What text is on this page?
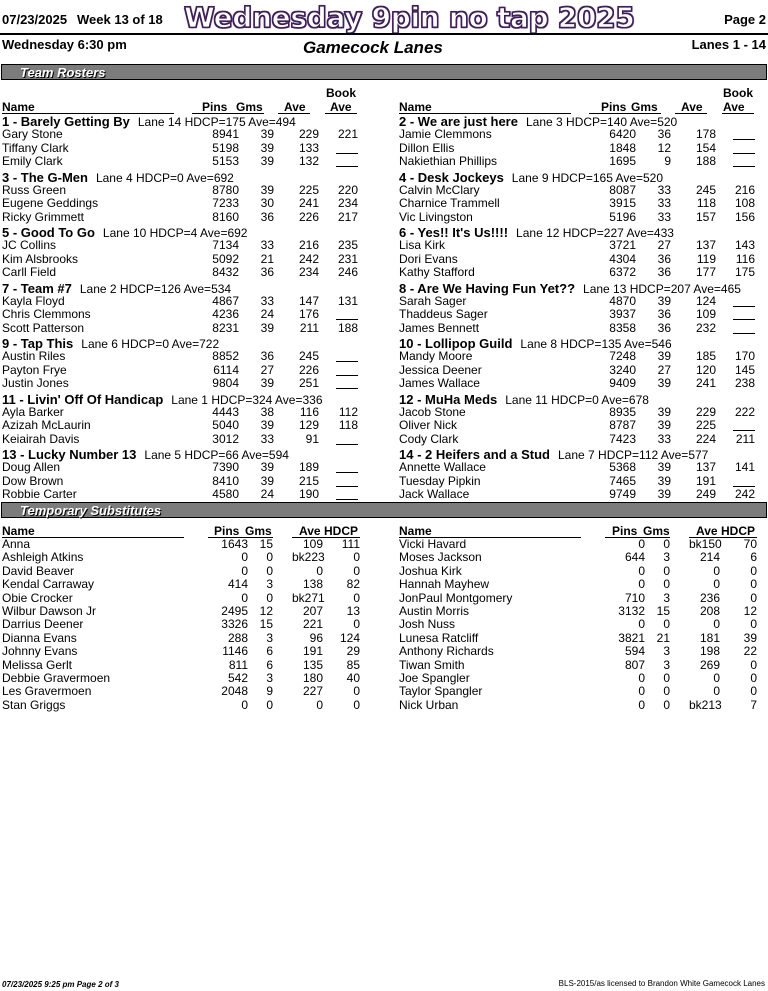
07/23/2025 Week 13 of 18 Wednesday 9pin no tap 2025	Page 2
Wednesday 6:30 pm	Gamecock Lanes	Lanes 1 - 14
Team Rosters
Book
Name	Pins Gms Ave Ave
1 - Barely Getting By Lane 14 HDCP=175 Ave=494
Gary Stone	8941 39 229 221
Tiffany Clark	5198 39 133
Emily Clark	5153 39 132
3 - The G-Men Lane 4 HDCP=0 Ave=692
Russ Green	8780 39 225 220
Eugene Geddings	7233 30 241 234
Ricky Grimmett	8160 36 226 217
5 - Good To Go Lane 10 HDCP=4 Ave=692
JC Collins	7134 33 216 235
Kim Alsbrooks	5092 21 242 231
Carll Field	8432 36 234 246
7 - Team #7 Lane 2 HDCP=126 Ave=534
Kayla Floyd	4867 33 147 131
Chris Clemmons	4236 24 176
Scott Patterson	8231 39 211 188
9 - Tap This Lane 6 HDCP=0 Ave=722
Austin Riles	8852 36 245
Payton Frye	6114 27 226
Justin Jones	9804 39 251
11 - Livin' Off Of Handicap Lane 1 HDCP=324 Ave=336
Ayla Barker	4443 38 116 112
Azizah McLaurin	5040 39 129 118
Keiairah Davis	3012 33	91
13 - Lucky Number 13 Lane 5 HDCP=66 Ave=594
Doug Allen	7390 39 189
Dow Brown	8410 39 215
Robbie Carter	4580 24 190
Book
Name	Pins Gms Ave Ave
2 - We are just here Lane 3 HDCP=140 Ave=520
Jamie Clemmons	6420 36 178
Dillon Ellis	1848 12 154
Nakiethian Phillips	1695 9 188
4 - Desk Jockeys Lane 9 HDCP=165 Ave=520
Calvin McClary	8087 33 245 216
Charnice Trammell	3915 33 118 108
Vic Livingston	5196 33 157 156
6 - Yes!! It's Us!!!! Lane 12 HDCP=227 Ave=433
Lisa Kirk	3721 27 137 143
Dori Evans	4304 36 119 116
Kathy Stafford	6372 36 177 175
8 - Are We Having Fun Yet?? Lane 13 HDCP=207 Ave=465
Sarah Sager	4870 39 124
Thaddeus Sager	3937 36 109
James Bennett	8358 36 232
10 - Lollipop Guild Lane 8 HDCP=135 Ave=546
Mandy Moore	7248 39 185 170
Jessica Deener	3240 27 120 145
James Wallace	9409 39 241 238
12 - MuHa Meds Lane 11 HDCP=0 Ave=678
Jacob Stone	8935 39 229 222
Oliver Nick	8787 39 225
Cody Clark	7423 33 224 211
14 - 2 Heifers and a Stud Lane 7 HDCP=112 Ave=577
Annette Wallace	5368 39 137 141
Tuesday Pipkin	7465 39 191
Jack Wallace	9749 39 249 242
Temporary Substitutes
Name	Pins Gms Ave HDCP
Anna	1643 15 109 111
Ashleigh Atkins	0 0 bk223 0
David Beaver	0 0	0	0
Kendal Carraway	414 3 138 82
Obie Crocker	0 0 bk271 0
Wilbur Dawson Jr	2495 12 207 13
Darrius Deener	3326 15 221	0
Dianna Evans	288 3	96 124
Johnny Evans	1146 6 191 29
Melissa Gerlt	811 6 135 85
Debbie Gravermoen	542 3 180 40
Les Gravermoen	2048 9 227	0
Stan Griggs	0 0	0	0
Name	Pins Gms Ave HDCP
Vicki Havard	0 0 bk150 70
Moses Jackson	644 3 214	6
Joshua Kirk	0 0	0	0
Hannah Mayhew	0 0	0	0
JonPaul Montgomery	710 3 236	0
Austin Morris	3132 15 208 12
Josh Nuss	0 0	0	0
Lunesa Ratcliff	3821 21 181 39
Anthony Richards	594 3 198 22
Tiwan Smith	807 3 269	0
Joe Spangler	0 0	0	0
Taylor Spangler	0 0	0	0
Nick Urban	0 0 bk213 7
07/23/2025 9:25 pm Page 2 of 3	BLS-2015/as licensed to Brandon White Gamecock Lanes
